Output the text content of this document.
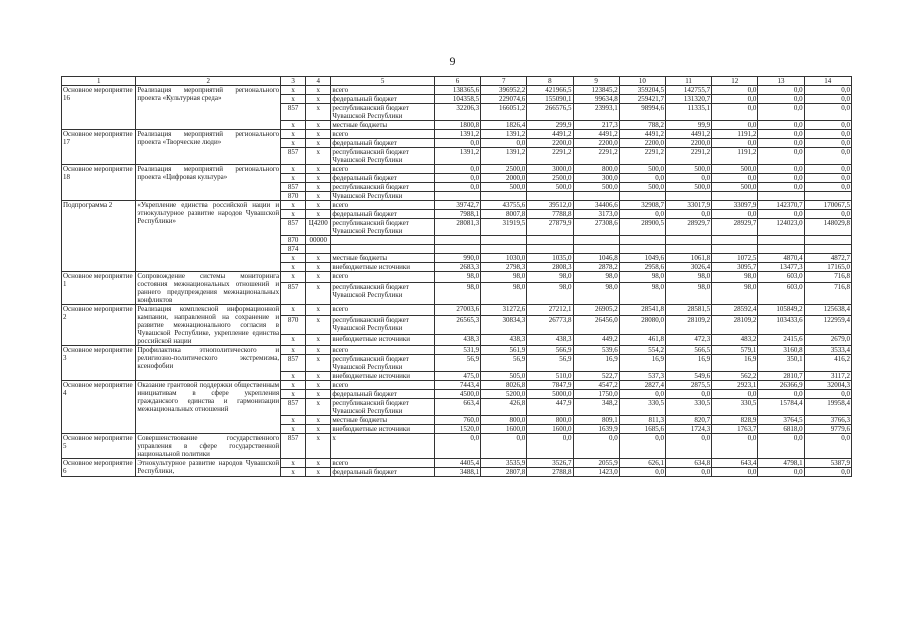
9
1	2	3	4	5	6	7	8	9	10	11	12	13	14
Основное мероприятие 16	Реализация мероприятий регионального проекта «Культурная среда»	х	х	всего	138365,6	396952,2	421966,5	123845,2	359204,5	142755,7	0,0	0,0	0,0
		х	х	федеральный бюджет	104358,5	229074,6	155090,1	99634,8	259421,7	131320,7	0,0	0,0	0,0
		857	х	республиканский бюджет Чувашской Республики	32206,3	166051,2	266576,5	23993,1	98994,6	11335,1	0,0	0,0	0,0
		х	х	местные бюджеты	1800,8	1826,4	299,9	217,3	788,2	99,9	0,0	0,0	0,0
Основное мероприятие 17	Реализация мероприятий регионального проекта «Творческие люди»	х	х	всего	1391,2	1391,2	4491,2	4491,2	4491,2	4491,2	1191,2	0,0	0,0
		х	х	федеральный бюджет	0,0	0,0	2200,0	2200,0	2200,0	2200,0	0,0	0,0	0,0
		857	х	республиканский бюджет Чувашской Республики	1391,2	1391,2	2291,2	2291,2	2291,2	2291,2	1191,2	0,0	0,0
Основное мероприятие 18	Реализация мероприятий регионального проекта «Цифровая культура»	х	х	всего	0,0	2500,0	3000,0	800,0	500,0	500,0	500,0	0,0	0,0
		х	х	федеральный бюджет	0,0	2000,0	2500,0	300,0	0,0	0,0	0,0	0,0	0,0
		857	х	республиканский бюджет	0,0	500,0	500,0	500,0	500,0	500,0	500,0	0,0	0,0
		870	х	Чувашской Республики									
Подпрограмма 2	«Укрепление единства российской нации и этнокультурное развитие народов Чувашской Республики»	х	х	всего	39742,7	43755,6	39512,0	34406,6	32908,7	33017,9	33097,9	142370,7	170067,5
		х	х	федеральный бюджет	7988,1	8007,8	7788,8	3173,0	0,0	0,0	0,0	0,0	0,0
		857	Ц4200	республиканский бюджет Чувашской Республики	28081,3	31919,5	27879,9	27308,6	28900,5	28929,7	28929,7	124023,0	148029,8
		870	00000										
		874											
		х	х	местные бюджеты	990,0	1030,0	1035,0	1046,8	1049,6	1061,8	1072,5	4870,4	4872,7
		х	х	внебюджетные источники	2683,3	2798,3	2808,3	2878,2	2958,6	3026,4	3095,7	13477,3	17165,0
Основное мероприятие 1	Сопровождение системы мониторинга состояния межнациональных отношений и раннего предупреждения межнациональных конфликтов	х	х	всего	98,0	98,0	98,0	98,0	98,0	98,0	98,0	603,0	716,8
		857	х	республиканский бюджет Чувашской Республики	98,0	98,0	98,0	98,0	98,0	98,0	98,0	603,0	716,8
Основное мероприятие 2	Реализация комплексной информационной кампании, направленной на сохранение и развитие межнационального согласия в Чувашской Республике, укрепление единства российской нации	х	х	всего	27003,6	31272,6	27212,1	26905,2	28541,8	28581,5	28592,4	105849,2	125638,4
		870	х	республиканский бюджет Чувашской Республики	26565,3	30834,3	26773,8	26456,0	28080,0	28109,2	28109,2	103433,6	122959,4
		х	х	внебюджетные источники	438,3	438,3	438,3	449,2	461,8	472,3	483,2	2415,6	2679,0
Основное мероприятие 3	Профилактика этнополитического и религиозно-политического экстремизма, ксенофобии	х	х	всего	531,9	561,9	566,9	539,6	554,2	566,5	579,1	3160,8	3533,4
		857	х	республиканский бюджет Чувашской Республики	56,9	56,9	56,9	16,9	16,9	16,9	16,9	350,1	416,2
		х	х	внебюджетные источники	475,0	505,0	510,0	522,7	537,3	549,6	562,2	2810,7	3117,2
Основное мероприятие 4	Оказание грантовой поддержки общественным инициативам в сфере укрепления гражданского единства и гармонизации межнациональных отношений	х	х	всего	7443,4	8026,8	7847,9	4547,2	2827,4	2875,5	2923,1	26366,9	32004,3
		х	х	федеральный бюджет	4500,0	5200,0	5000,0	1750,0	0,0	0,0	0,0	0,0	0,0
		857	х	республиканский бюджет Чувашской Республики	663,4	426,8	447,9	348,2	330,5	330,5	330,5	15784,4	19958,4
		х	х	местные бюджеты	760,0	800,0	800,0	809,1	811,3	820,7	828,9	3764,5	3766,3
		х	х	внебюджетные источники	1520,0	1600,0	1600,0	1639,9	1685,6	1724,3	1763,7	6818,0	9779,6
Основное мероприятие 5	Совершенствование государственного управления в сфере государственной национальной политики	857	х	х	0,0	0,0	0,0	0,0	0,0	0,0	0,0	0,0	0,0
Основное мероприятие 6	Этнокультурное развитие народов Чувашской Республики,	х	х	всего	4405,4	3535,9	3526,7	2055,9	626,1	634,8	643,4	4798,1	5387,9
		х	х	федеральный бюджет	3488,1	2807,8	2788,8	1423,0	0,0	0,0	0,0	0,0	0,0
